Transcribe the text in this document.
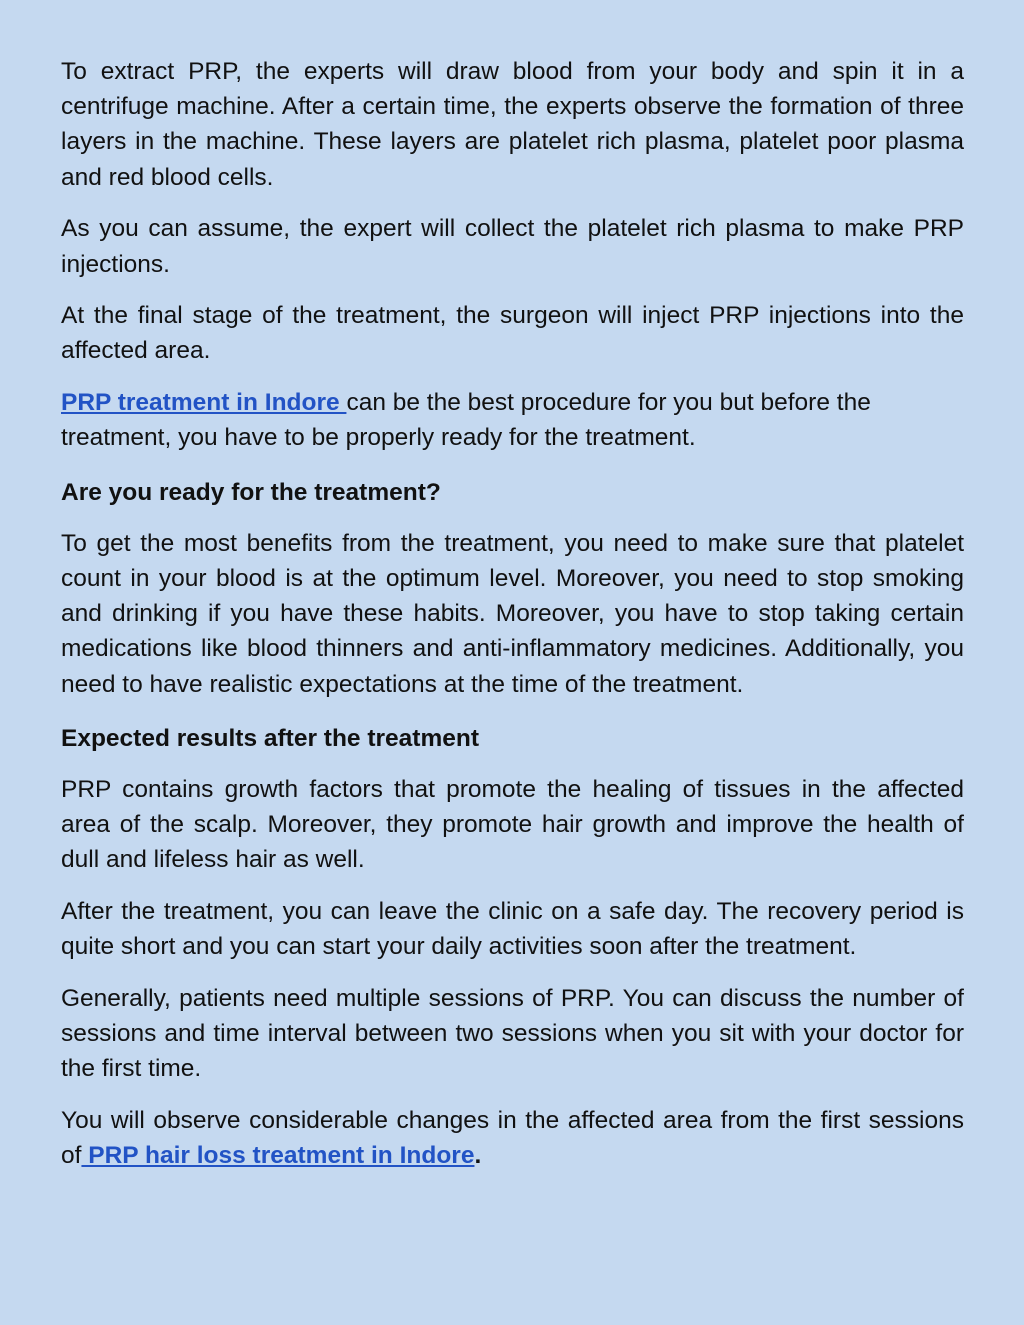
To extract PRP, the experts will draw blood from your body and spin it in a centrifuge machine. After a certain time, the experts observe the formation of three layers in the machine. These layers are platelet rich plasma, platelet poor plasma and red blood cells.

As you can assume, the expert will collect the platelet rich plasma to make PRP injections.

At the final stage of the treatment, the surgeon will inject PRP injections into the affected area.

PRP treatment in Indore can be the best procedure for you but before the treatment, you have to be properly ready for the treatment.

Are you ready for the treatment?

To get the most benefits from the treatment, you need to make sure that platelet count in your blood is at the optimum level. Moreover, you need to stop smoking and drinking if you have these habits. Moreover, you have to stop taking certain medications like blood thinners and anti-inflammatory medicines. Additionally, you need to have realistic expectations at the time of the treatment.

Expected results after the treatment

PRP contains growth factors that promote the healing of tissues in the affected area of the scalp. Moreover, they promote hair growth and improve the health of dull and lifeless hair as well.

After the treatment, you can leave the clinic on a safe day. The recovery period is quite short and you can start your daily activities soon after the treatment.

Generally, patients need multiple sessions of PRP. You can discuss the number of sessions and time interval between two sessions when you sit with your doctor for the first time.

You will observe considerable changes in the affected area from the first sessions of PRP hair loss treatment in Indore.
